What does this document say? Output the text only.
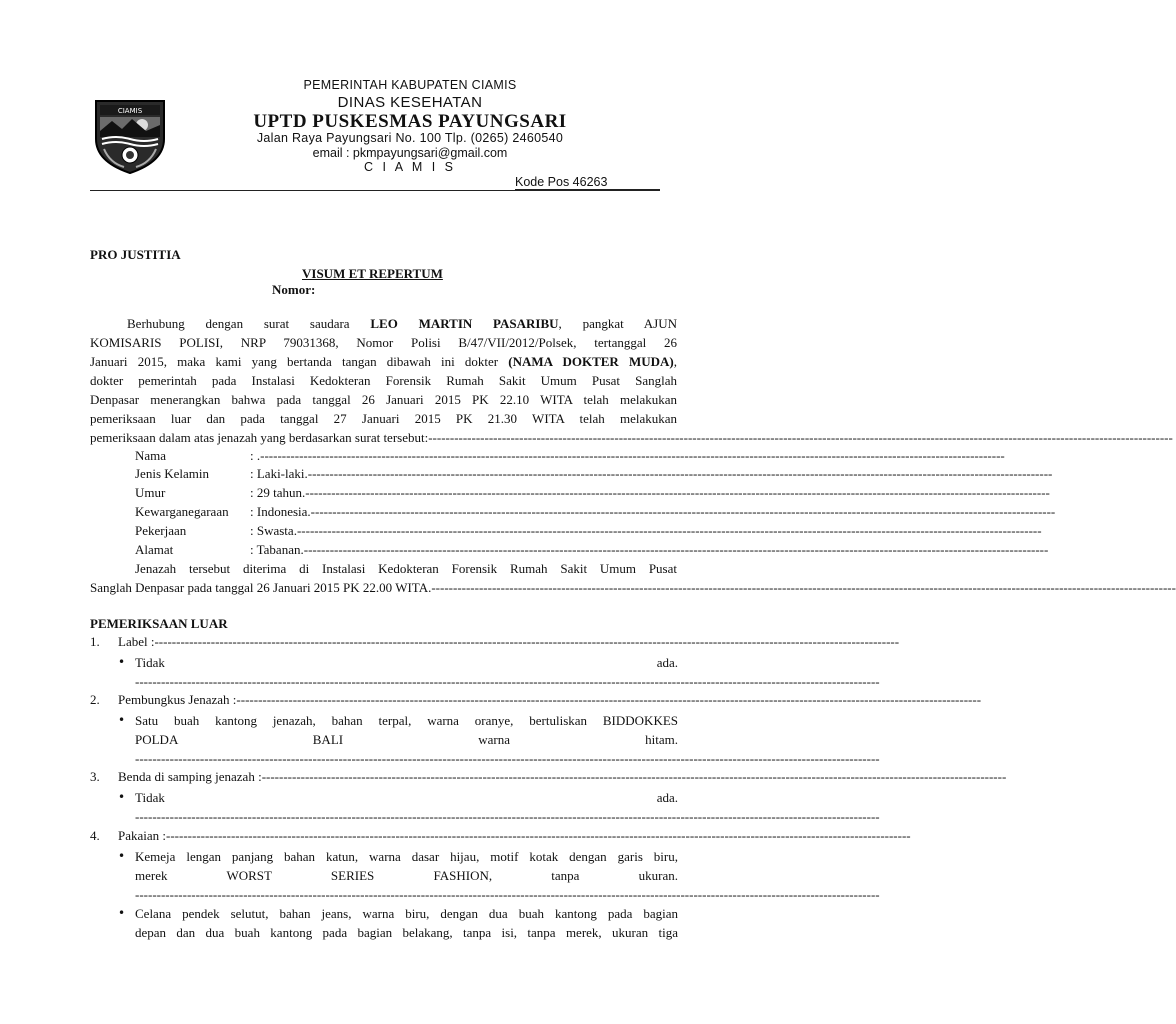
CIAMIS
PEMERINTAH KABUPATEN CIAMIS
DINAS KESEHATAN
UPTD PUSKESMAS PAYUNGSARI
Jalan Raya Payungsari No. 100 Tlp. (0265) 2460540
email : pkmpayungsari@gmail.com
C I A M I S
Kode Pos 46263
PRO JUSTITIA
VISUM ET REPERTUM
Nomor:
Berhubung dengan surat saudara LEO MARTIN PASARIBU, pangkat AJUN
KOMISARIS POLISI, NRP 79031368, Nomor Polisi B/47/VII/2012/Polsek, tertanggal 26
Januari 2015, maka kami yang bertanda tangan dibawah ini dokter (NAMA DOKTER MUDA),
dokter pemerintah pada Instalasi Kedokteran Forensik Rumah Sakit Umum Pusat Sanglah
Denpasar menerangkan bahwa pada tanggal 26 Januari 2015 PK 22.10 WITA telah melakukan
pemeriksaan luar dan pada tanggal 27 Januari 2015 PK 21.30 WITA telah melakukan
pemeriksaan dalam atas jenazah yang berdasarkan surat tersebut:----------------------------------------------------------------------------------------------------------------------------------------------------------------------------
Nama	: .----------------------------------------------------------------------------------------------------------------------------------------------------------------------------
Jenis Kelamin	: Laki-laki.----------------------------------------------------------------------------------------------------------------------------------------------------------------------------
Umur	: 29 tahun.----------------------------------------------------------------------------------------------------------------------------------------------------------------------------
Kewarganegaraan : Indonesia.----------------------------------------------------------------------------------------------------------------------------------------------------------------------------
Pekerjaan	: Swasta.----------------------------------------------------------------------------------------------------------------------------------------------------------------------------
Alamat	: Tabanan.----------------------------------------------------------------------------------------------------------------------------------------------------------------------------
Jenazah tersebut diterima di Instalasi Kedokteran Forensik Rumah Sakit Umum Pusat
Sanglah Denpasar pada tanggal 26 Januari 2015 PK 22.00 WITA.----------------------------------------------------------------------------------------------------------------------------------------------------------------------------
PEMERIKSAAN LUAR
1. Label :----------------------------------------------------------------------------------------------------------------------------------------------------------------------------
• Tidak	ada.
----------------------------------------------------------------------------------------------------------------------------------------------------------------------------
2. Pembungkus Jenazah :----------------------------------------------------------------------------------------------------------------------------------------------------------------------------
• Satu buah kantong jenazah, bahan terpal, warna oranye, bertuliskan BIDDOKKES
POLDA BALI warna hitam.
----------------------------------------------------------------------------------------------------------------------------------------------------------------------------
3. Benda di samping jenazah :----------------------------------------------------------------------------------------------------------------------------------------------------------------------------
• Tidak	ada.
----------------------------------------------------------------------------------------------------------------------------------------------------------------------------
4. Pakaian :----------------------------------------------------------------------------------------------------------------------------------------------------------------------------
• Kemeja lengan panjang bahan katun, warna dasar hijau, motif kotak dengan garis biru,
merek WORST SERIES FASHION, tanpa ukuran.
----------------------------------------------------------------------------------------------------------------------------------------------------------------------------
• Celana pendek selutut, bahan jeans, warna biru, dengan dua buah kantong pada bagian
depan dan dua buah kantong pada bagian belakang, tanpa isi, tanpa merek, ukuran tiga
